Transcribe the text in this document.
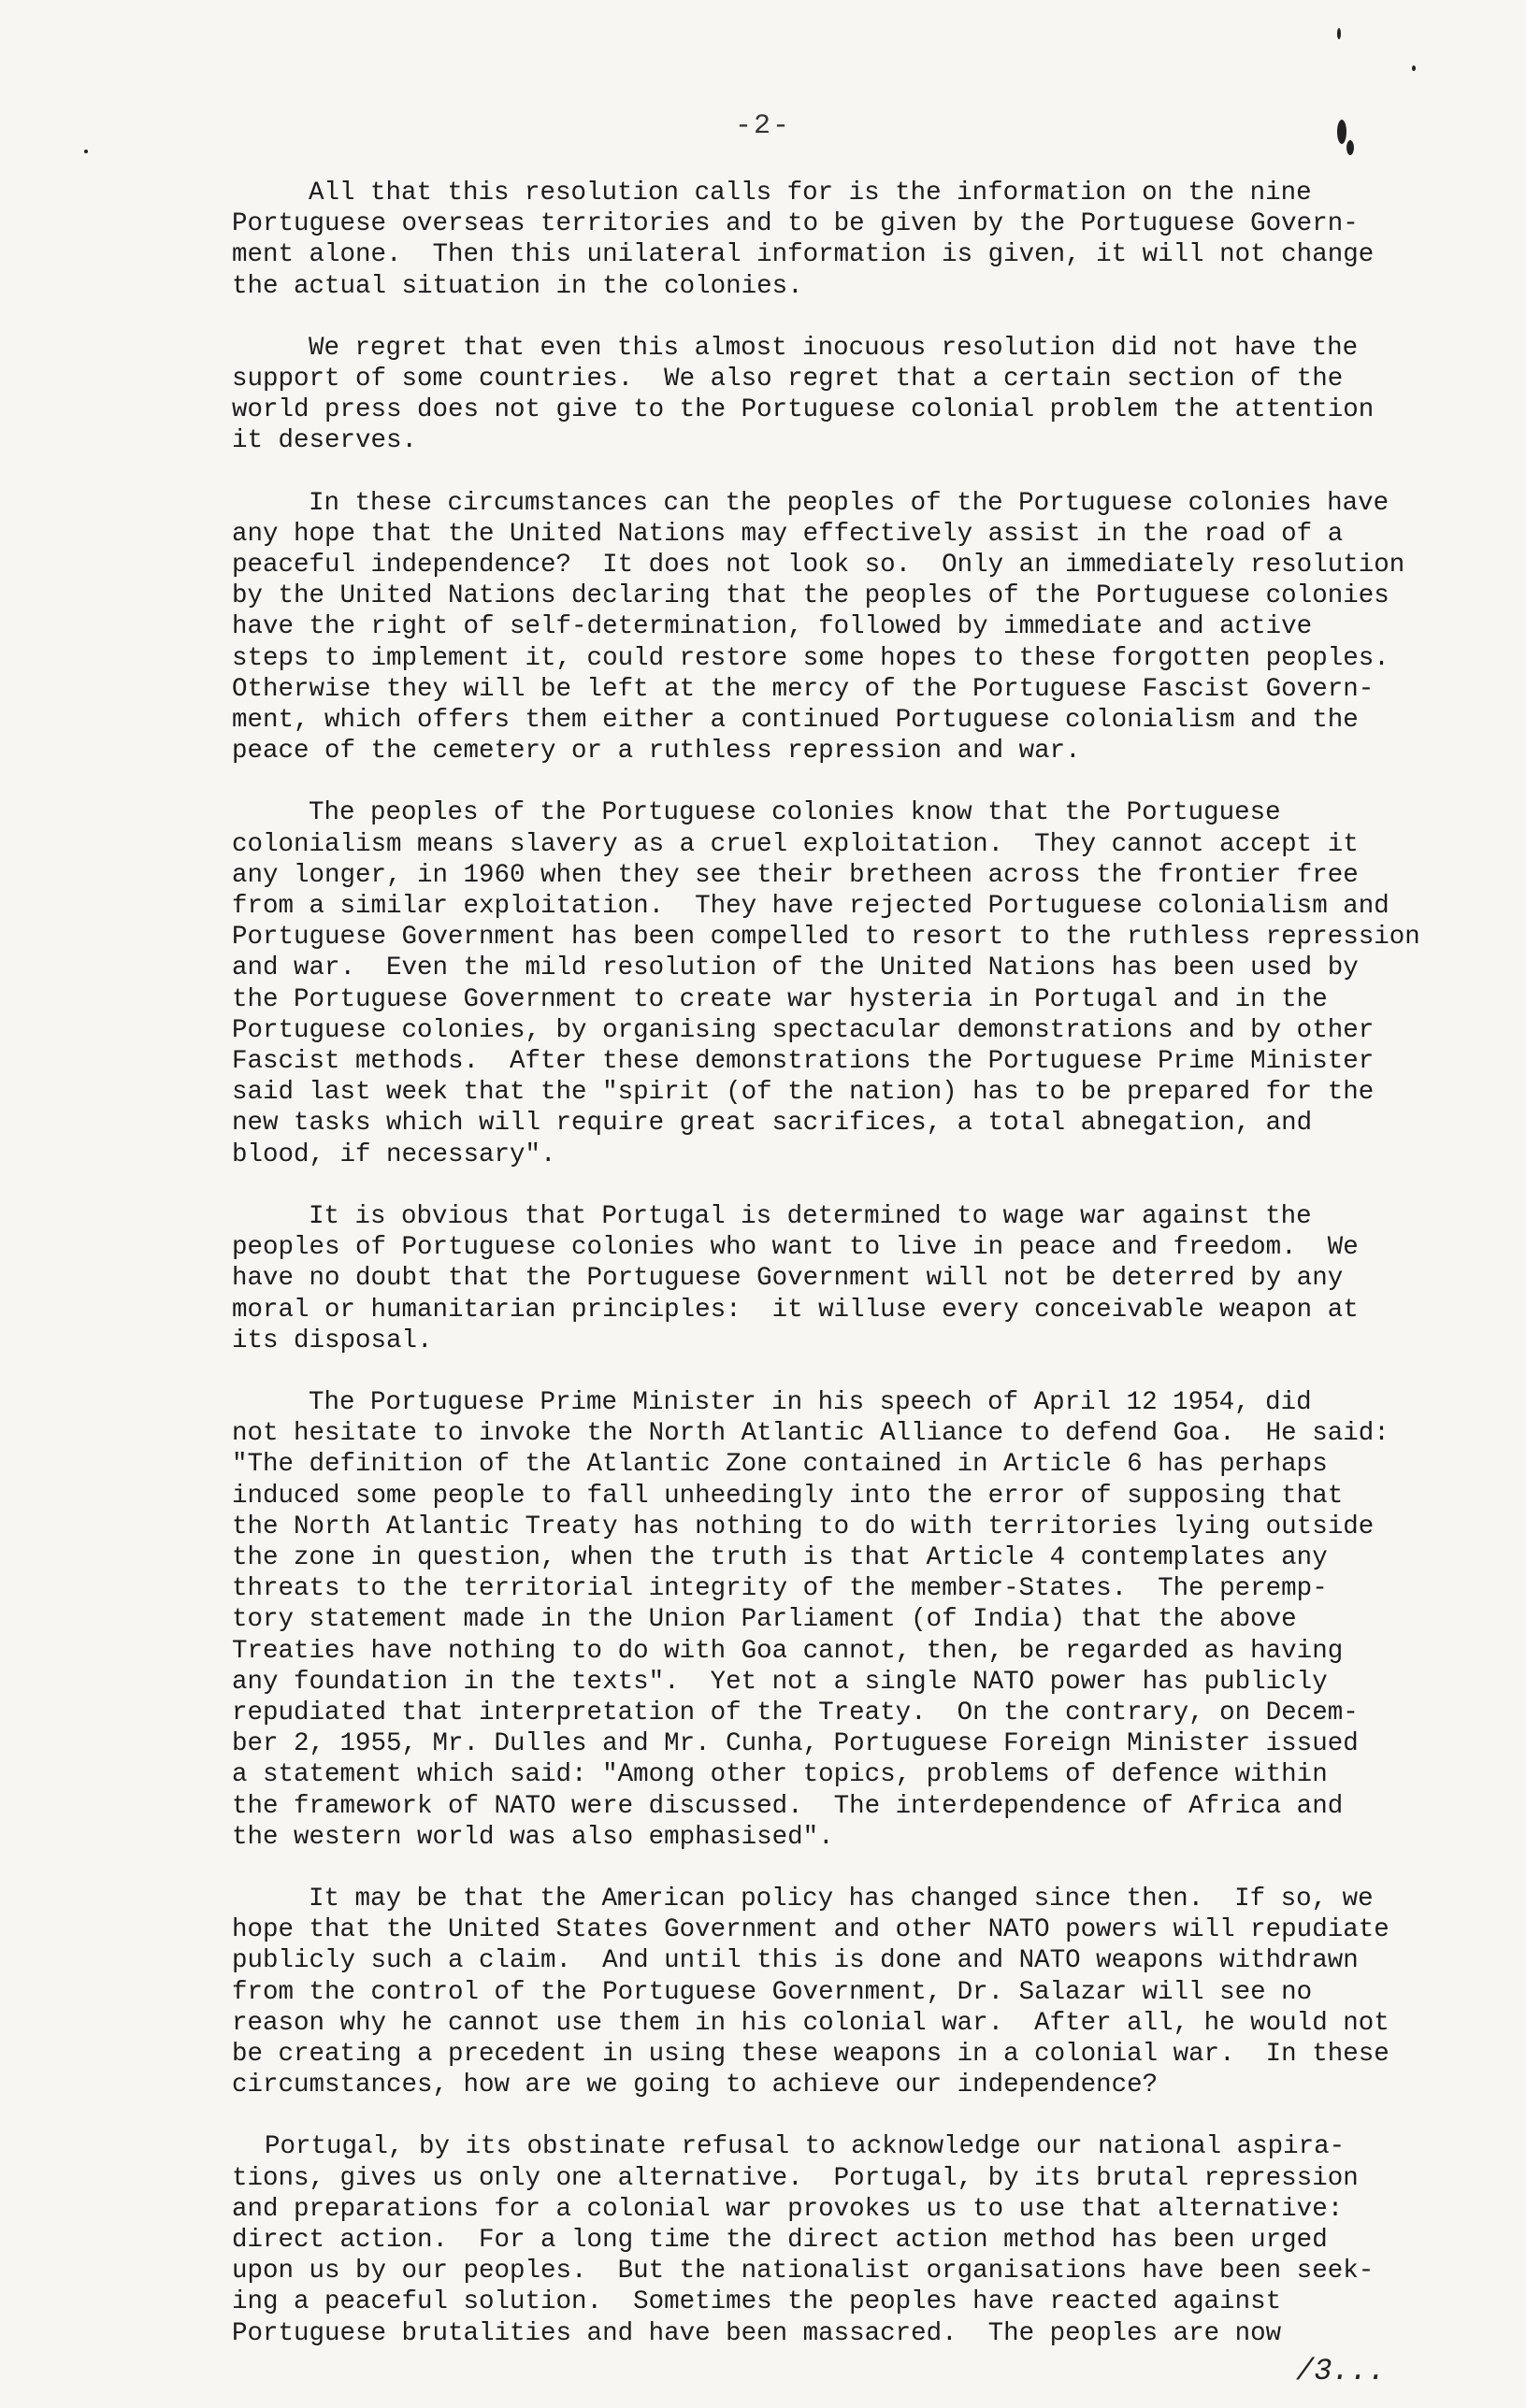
-2-
All that this resolution calls for is the information on the nine
Portuguese overseas territories and to be given by the Portuguese Govern-
ment alone.  Then this unilateral information is given, it will not change
the actual situation in the colonies.
We regret that even this almost inocuous resolution did not have the
support of some countries.  We also regret that a certain section of the
world press does not give to the Portuguese colonial problem the attention
it deserves.
In these circumstances can the peoples of the Portuguese colonies have
any hope that the United Nations may effectively assist in the road of a
peaceful independence?  It does not look so.  Only an immediately resolution
by the United Nations declaring that the peoples of the Portuguese colonies
have the right of self-determination, followed by immediate and active
steps to implement it, could restore some hopes to these forgotten peoples.
Otherwise they will be left at the mercy of the Portuguese Fascist Govern-
ment, which offers them either a continued Portuguese colonialism and the
peace of the cemetery or a ruthless repression and war.
The peoples of the Portuguese colonies know that the Portuguese
colonialism means slavery as a cruel exploitation.  They cannot accept it
any longer, in 1960 when they see their bretheen across the frontier free
from a similar exploitation.  They have rejected Portuguese colonialism and
Portuguese Government has been compelled to resort to the ruthless repression
and war.  Even the mild resolution of the United Nations has been used by
the Portuguese Government to create war hysteria in Portugal and in the
Portuguese colonies, by organising spectacular demonstrations and by other
Fascist methods.  After these demonstrations the Portuguese Prime Minister
said last week that the "spirit (of the nation) has to be prepared for the
new tasks which will require great sacrifices, a total abnegation, and
blood, if necessary".
It is obvious that Portugal is determined to wage war against the
peoples of Portuguese colonies who want to live in peace and freedom.  We
have no doubt that the Portuguese Government will not be deterred by any
moral or humanitarian principles:  it willuse every conceivable weapon at
its disposal.
The Portuguese Prime Minister in his speech of April 12 1954, did
not hesitate to invoke the North Atlantic Alliance to defend Goa.  He said:
"The definition of the Atlantic Zone contained in Article 6 has perhaps
induced some people to fall unheedingly into the error of supposing that
the North Atlantic Treaty has nothing to do with territories lying outside
the zone in question, when the truth is that Article 4 contemplates any
threats to the territorial integrity of the member-States.  The peremp-
tory statement made in the Union Parliament (of India) that the above
Treaties have nothing to do with Goa cannot, then, be regarded as having
any foundation in the texts".  Yet not a single NATO power has publicly
repudiated that interpretation of the Treaty.  On the contrary, on Decem-
ber 2, 1955, Mr. Dulles and Mr. Cunha, Portuguese Foreign Minister issued
a statement which said: "Among other topics, problems of defence within
the framework of NATO were discussed.  The interdependence of Africa and
the western world was also emphasised".
It may be that the American policy has changed since then.  If so, we
hope that the United States Government and other NATO powers will repudiate
publicly such a claim.  And until this is done and NATO weapons withdrawn
from the control of the Portuguese Government, Dr. Salazar will see no
reason why he cannot use them in his colonial war.  After all, he would not
be creating a precedent in using these weapons in a colonial war.  In these
circumstances, how are we going to achieve our independence?
Portugal, by its obstinate refusal to acknowledge our national aspira-
tions, gives us only one alternative.  Portugal, by its brutal repression
and preparations for a colonial war provokes us to use that alternative:
direct action.  For a long time the direct action method has been urged
upon us by our peoples.  But the nationalist organisations have been seek-
ing a peaceful solution.  Sometimes the peoples have reacted against
Portuguese brutalities and have been massacred.  The peoples are now
/3...
